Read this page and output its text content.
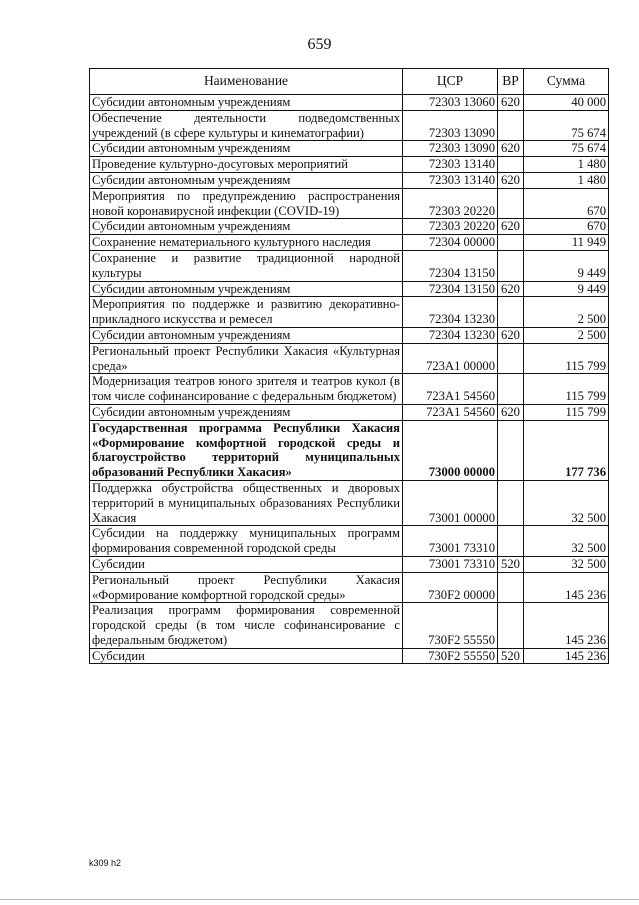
659
Наименование	ЦСР	ВР	Сумма
Субсидии автономным учреждениям	72303 13060	620	40 000
Обеспечение деятельности подведомственных учреждений (в сфере культуры и кинематографии)	72303 13090		75 674
Субсидии автономным учреждениям	72303 13090	620	75 674
Проведение культурно-досуговых мероприятий	72303 13140		1 480
Субсидии автономным учреждениям	72303 13140	620	1 480
Мероприятия по предупреждению распространения новой коронавирусной инфекции (COVID-19)	72303 20220		670
Субсидии автономным учреждениям	72303 20220	620	670
Сохранение нематериального культурного наследия	72304 00000		11 949
Сохранение и развитие традиционной народной культуры	72304 13150		9 449
Субсидии автономным учреждениям	72304 13150	620	9 449
Мероприятия по поддержке и развитию декоративно-прикладного искусства и ремесел	72304 13230		2 500
Субсидии автономным учреждениям	72304 13230	620	2 500
Региональный проект Республики Хакасия «Культурная среда»	723А1 00000		115 799
Модернизация театров юного зрителя и театров кукол (в том числе софинансирование с федеральным бюджетом)	723А1 54560		115 799
Субсидии автономным учреждениям	723А1 54560	620	115 799
Государственная программа Республики Хакасия «Формирование комфортной городской среды и благоустройство территорий муниципальных образований Республики Хакасия»	73000 00000		177 736
Поддержка обустройства общественных и дворовых территорий в муниципальных образованиях Республики Хакасия	73001 00000		32 500
Субсидии на поддержку муниципальных программ формирования современной городской среды	73001 73310		32 500
Субсидии	73001 73310	520	32 500
Региональный проект Республики Хакасия «Формирование комфортной городской среды»	730F2 00000		145 236
Реализация программ формирования современной городской среды (в том числе софинансирование с федеральным бюджетом)	730F2 55550		145 236
Субсидии	730F2 55550	520	145 236
k309 h2
